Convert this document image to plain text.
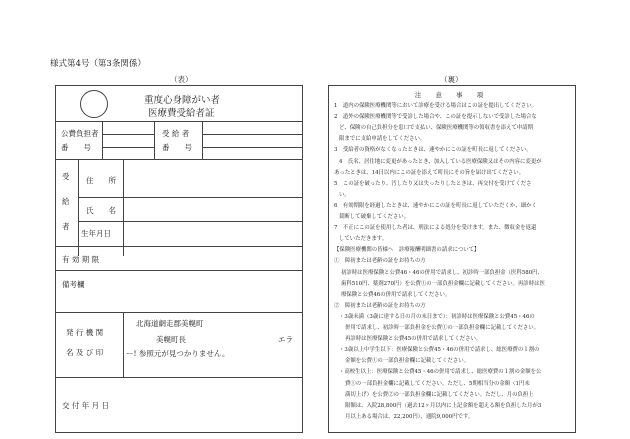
様式第4号（第3条関係）
（表）	（裏）
重度心身障がい者
医療費受給者証
公費負担者
番　　号
受 給 者
番　　号
受
給
者
住　　所
氏　　名
生年月日
有 効 期 限
備考欄
発 行 機 関
名 及 び 印
北海道網走郡美幌町
美幌町長	エラ
ー! 参照元が見つかりません。
交 付 年 月 日
注 意 事 項
1　道内の保険医療機関等において診療を受ける場合はこの証を提出してください。
2　道外の保険医療機関等で受診した場合や、この証を提示しないで受診した場合な
ど、保険の自己負担分を窓口で支払い、保険医療機関等の領収書を添えて申請期
限までに支給申請をしてください。
3　受給者の資格がなくなったときは、速やかにこの証を町長に返してください。
4　氏名、居住地に変更があったとき、加入している医療保険又はその内容に変更が
あったときは、14日以内にこの証を添えて町長にその旨を届け出てください。
5　この証を破ったり、汚したり又は失ったりしたときは、再交付を受けてくださ
い。
6　有効期限を経過したときは、速やかにこの証を町長に返していただくか、細かく
裁断して破棄してください。
7　不正にこの証を使用した者は、刑法による処分を受けます。また、徴収金を返還
していただきます。
【保険医療機関の皆様へ　診療報酬明細書の請求について】
①　障初または老齢の証をお持ちの方
初診時は医療保険と公費46・46の併用で請求し、初診時一部負担金（医科580円、
歯科510円、薬剤270円）を公費①の一部負担金欄に記載してください。再診時は医
療保険と公費46の併用で請求してください。
②　障初または老齢の証をお持ちの方
・3歳未満（3歳に達する日の月の末日まで）：初診時は医療保険と公費45・46の
併用で請求し、初診時一部負担金を公費①の一部負担金欄に記載してください。
再診時は医療保険と公費45の併用で請求してください。
・3歳以上中学生以下：医療保険と公費45・46の併用で請求し、総医療費の１割の
金額を公費①の一部負担金欄に記載してください。
・高校生以上：医療保険と公費45・46の併用で請求し、総医療費の１割の金額を公
費①の一部負担金欄に記載してください。ただし、5期相当分の金額（1円未
満切上げ）を公費②の一部負担金欄に記載してください。ただし、月の負担上
限額は、入院28,800円（過去12ヶ月以内に上記金額を超える額を負担した月が3
月以上ある場合は、22,200円）、通院9,000円です。
